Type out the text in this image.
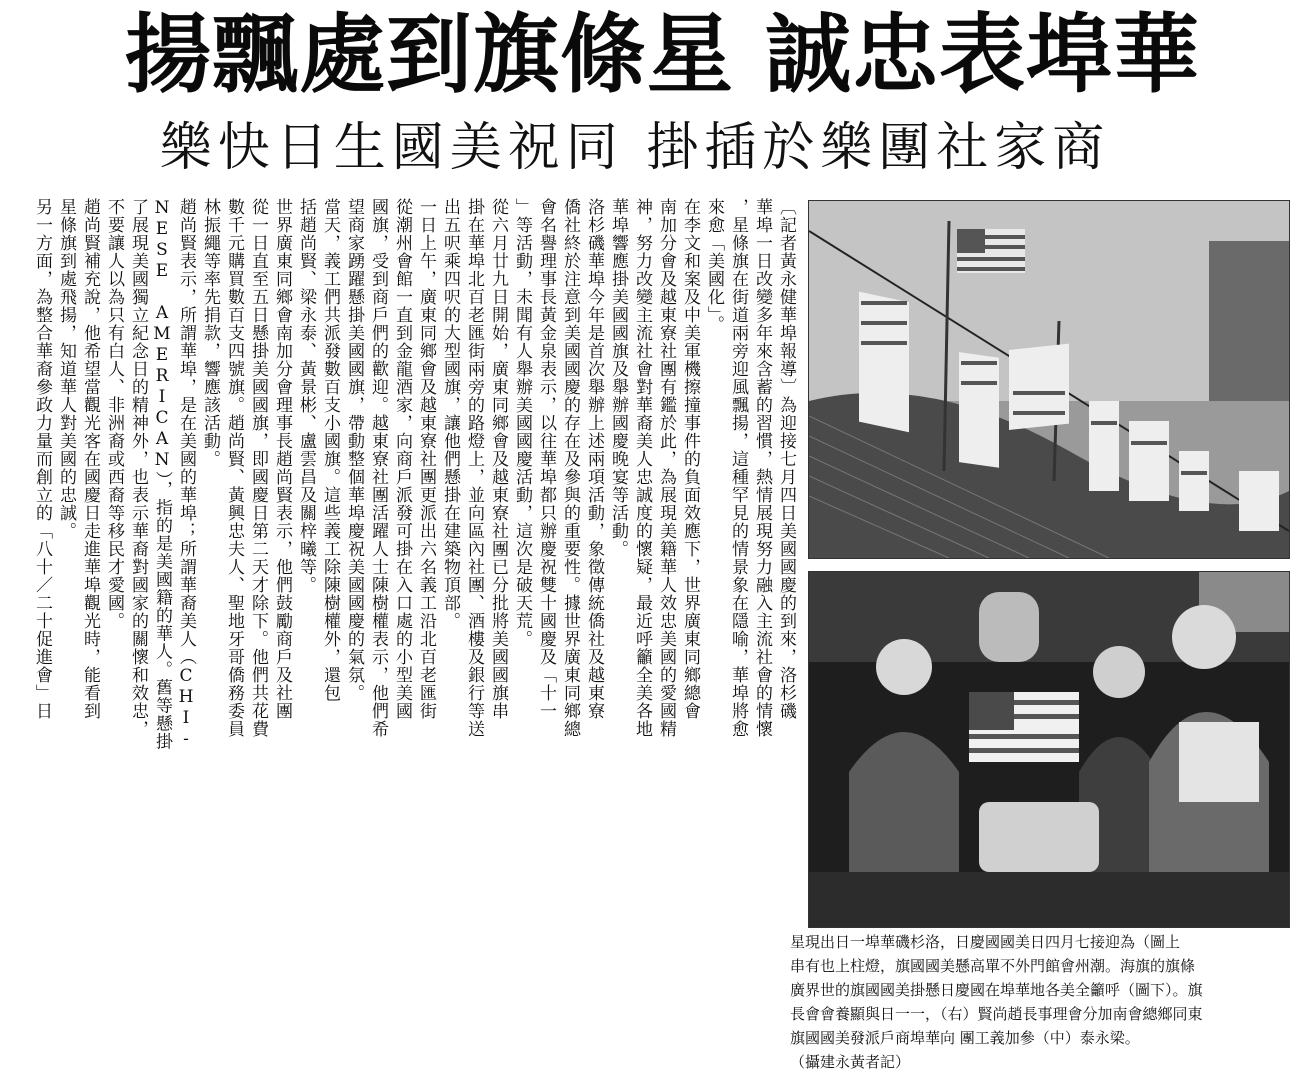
揚飄處到旗條星 誠忠表埠華
樂快日生國美祝同 掛插於樂團社家商
〔記者黃永健華埠報導〕為迎接七月四日美國國慶的到來，洛杉磯
華埠一日改變多年來含蓄的習慣，熱情展現努力融入主流社會的情懷
，星條旗在街道兩旁迎風飄揚，這種罕見的情景象在隱喻，華埠將愈
來愈「美國化」。
在李文和案及中美軍機擦撞事件的負面效應下，世界廣東同鄉總會
南加分會及越東寮社團有鑑於此，為展現美籍華人效忠美國的愛國精
神，努力改變主流社會對華裔美人忠誠度的懷疑，最近呼籲全美各地
華埠響應掛美國國旗及舉辦國慶晚宴等活動。
洛杉磯華埠今年是首次舉辦上述兩項活動，象徵傳統僑社及越東寮
僑社終於注意到美國國慶的存在及參與的重要性。據世界廣東同鄉總
會名譽理事長黃金泉表示，以往華埠都只辦慶祝雙十國慶及「十一
」等活動，未聞有人舉辦美國國慶活動，這次是破天荒。
從六月廿九日開始，廣東同鄉會及越東寮社團已分批將美國國旗串
掛在華埠北百老匯街兩旁的路燈上，並向區內社團、酒樓及銀行等送
出五呎乘四呎的大型國旗，讓他們懸掛在建築物頂部。
一日上午，廣東同鄉會及越東寮社團更派出六名義工沿北百老匯街
從潮州會館一直到金龍酒家，向商戶派發可掛在入口處的小型美國
國旗，受到商戶們的歡迎。越東寮社團活躍人士陳樹權表示，他們希
望商家踴躍懸掛美國國旗，帶動整個華埠慶祝美國國慶的氣氛。
當天，義工們共派發數百支小國旗。這些義工除陳樹權外，還包
括趙尚賢、梁永泰、黃景彬、盧雲昌及關梓曦等。
世界廣東同鄉會南加分會理事長趙尚賢表示，他們鼓勵商戶及社團
從一日直至五日懸掛美國國旗，即國慶日第二天才除下。他們共花費
數千元購買數百支四號旗。趙尚賢、黃興忠夫人、聖地牙哥僑務委員
林振繩等率先捐款，響應該活動。
趙尚賢表示，所謂華埠，是在美國的華埠；所謂華裔美人（CHI-
NESE AMERICAN），指的是美國籍的華人。舊等懸掛
了展現美國獨立紀念日的精神外，也表示華裔對國家的關懷和效忠，
不要讓人以為只有白人、非洲裔或西裔等移民才愛國。
趙尚賢補充說，他希望當觀光客在國慶日走進華埠觀光時，能看到
星條旗到處飛揚，知道華人對美國的忠誠。
另一方面，為整合華裔參政力量而創立的「八十／二十促進會」日
星現出日一埠華磯杉洛，日慶國國美日四月七接迎為（圖上
串有也上柱燈，旗國國美懸高單不外門館會州潮。海旗的旗條
廣界世的旗國國美掛懸日慶國在埠華地各美全籲呼（圖下）。旗
長會會養顯與日一一，（右）賢尚趙長事理會分加南會總鄉同東
。旗國國美發派戶商埠華向 團工義加參（中）泰永梁
（攝建永黃者記）
